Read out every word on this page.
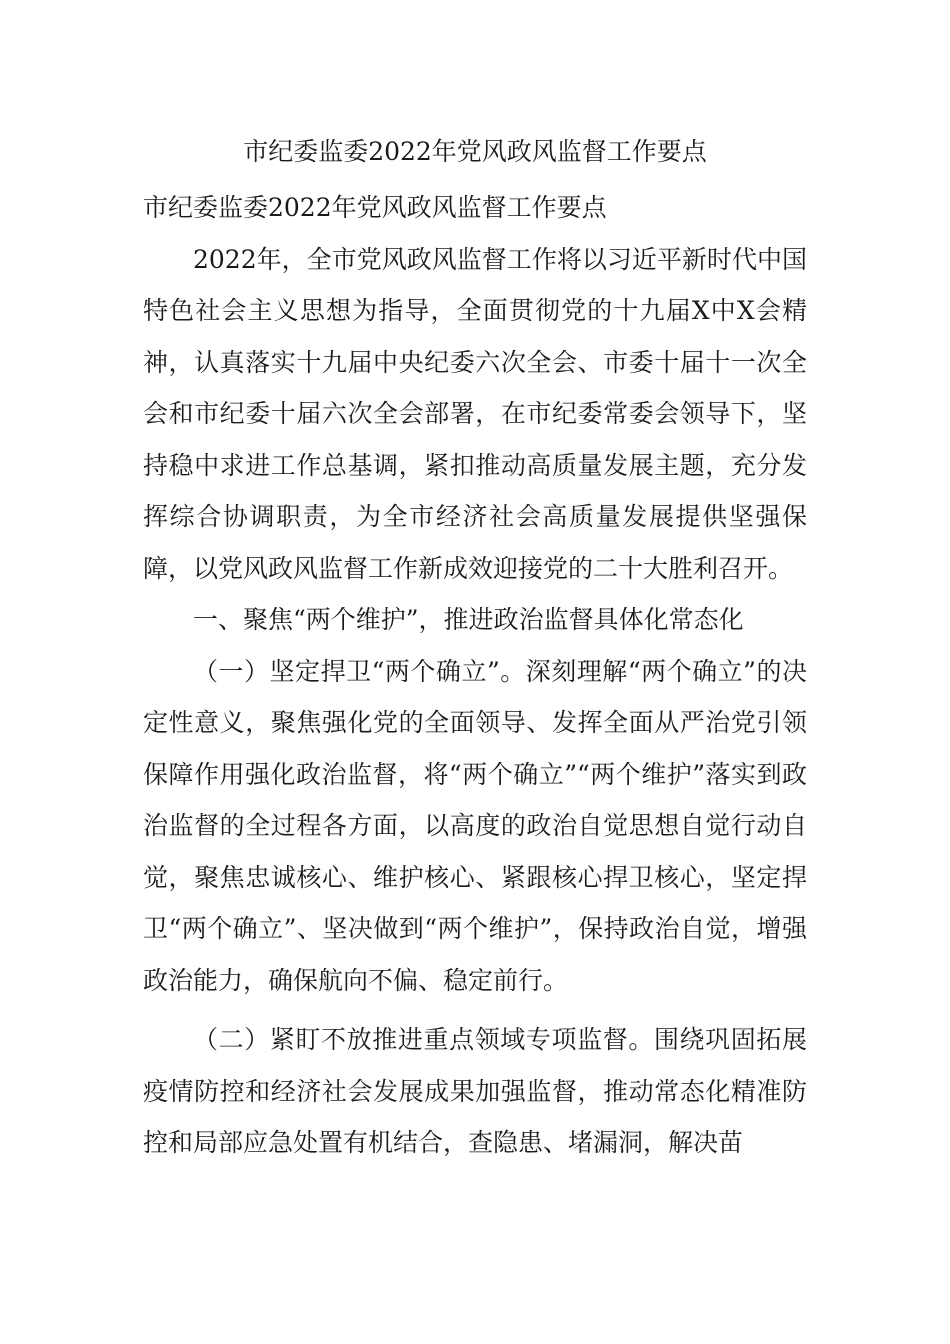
市纪委监委2022年党风政风监督工作要点

市纪委监委2022年党风政风监督工作要点

2022年，全市党风政风监督工作将以习近平新时代中国特色社会主义思想为指导，全面贯彻党的十九届X中X会精神，认真落实十九届中央纪委六次全会、市委十届十一次全会和市纪委十届六次全会部署，在市纪委常委会领导下，坚持稳中求进工作总基调，紧扣推动高质量发展主题，充分发挥综合协调职责，为全市经济社会高质量发展提供坚强保障，以党风政风监督工作新成效迎接党的二十大胜利召开。

一、聚焦“两个维护”，推进政治监督具体化常态化

（一）坚定捍卫“两个确立”。深刻理解“两个确立”的决定性意义，聚焦强化党的全面领导、发挥全面从严治党引领保障作用强化政治监督，将“两个确立”“两个维护”落实到政治监督的全过程各方面，以高度的政治自觉思想自觉行动自觉，聚焦忠诚核心、维护核心、紧跟核心捍卫核心，坚定捍卫“两个确立”、坚决做到“两个维护”，保持政治自觉，增强政治能力，确保航向不偏、稳定前行。

（二）紧盯不放推进重点领域专项监督。围绕巩固拓展疫情防控和经济社会发展成果加强监督，推动常态化精准防控和局部应急处置有机结合，查隐患、堵漏洞，解决苗
